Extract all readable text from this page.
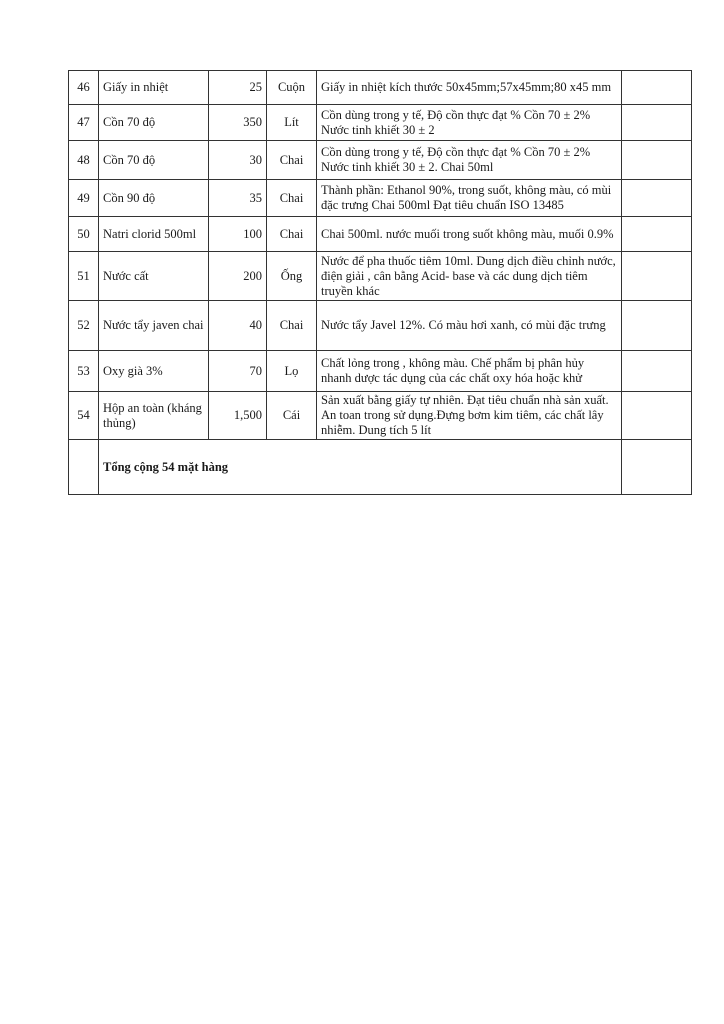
46	Giấy in nhiệt	25	Cuộn	Giấy in nhiệt kích thước 50x45mm;57x45mm;80 x45 mm	
47	Cồn 70 độ	350	Lít	Cồn dùng trong y tế, Độ cồn thực đạt % Cồn 70 ± 2% Nước tinh khiết 30 ± 2	
48	Cồn 70 độ	30	Chai	Cồn dùng trong y tế, Độ cồn thực đạt % Cồn 70 ± 2% Nước tinh khiết 30 ± 2. Chai 50ml	
49	Cồn 90 độ	35	Chai	Thành phần: Ethanol 90%, trong suốt, không màu, có mùi đặc trưng Chai 500ml Đạt tiêu chuẩn ISO 13485	
50	Natri clorid 500ml	100	Chai	Chai 500ml. nước muối trong suốt không màu, muối 0.9%	
51	Nước cất	200	Ống	Nước để pha thuốc tiêm 10ml. Dung dịch điều chỉnh nước, điện giải , cân bằng Acid- base và các dung dịch tiêm truyền khác	
52	Nước tẩy javen chai	40	Chai	Nước tẩy Javel 12%. Có màu hơi xanh, có mùi đặc trưng	
53	Oxy già 3%	70	Lọ	Chất lỏng trong , không màu. Chế phẩm bị phân hủy nhanh dược tác dụng của các chất oxy hóa hoặc khử	
54	Hộp an toàn (kháng thủng)	1,500	Cái	Sản xuất bằng giấy tự nhiên. Đạt tiêu chuẩn nhà sản xuất. An toan trong sử dụng.Đựng bơm kim tiêm, các chất lây nhiễm. Dung tích 5 lít	
	Tổng cộng 54 mặt hàng				
